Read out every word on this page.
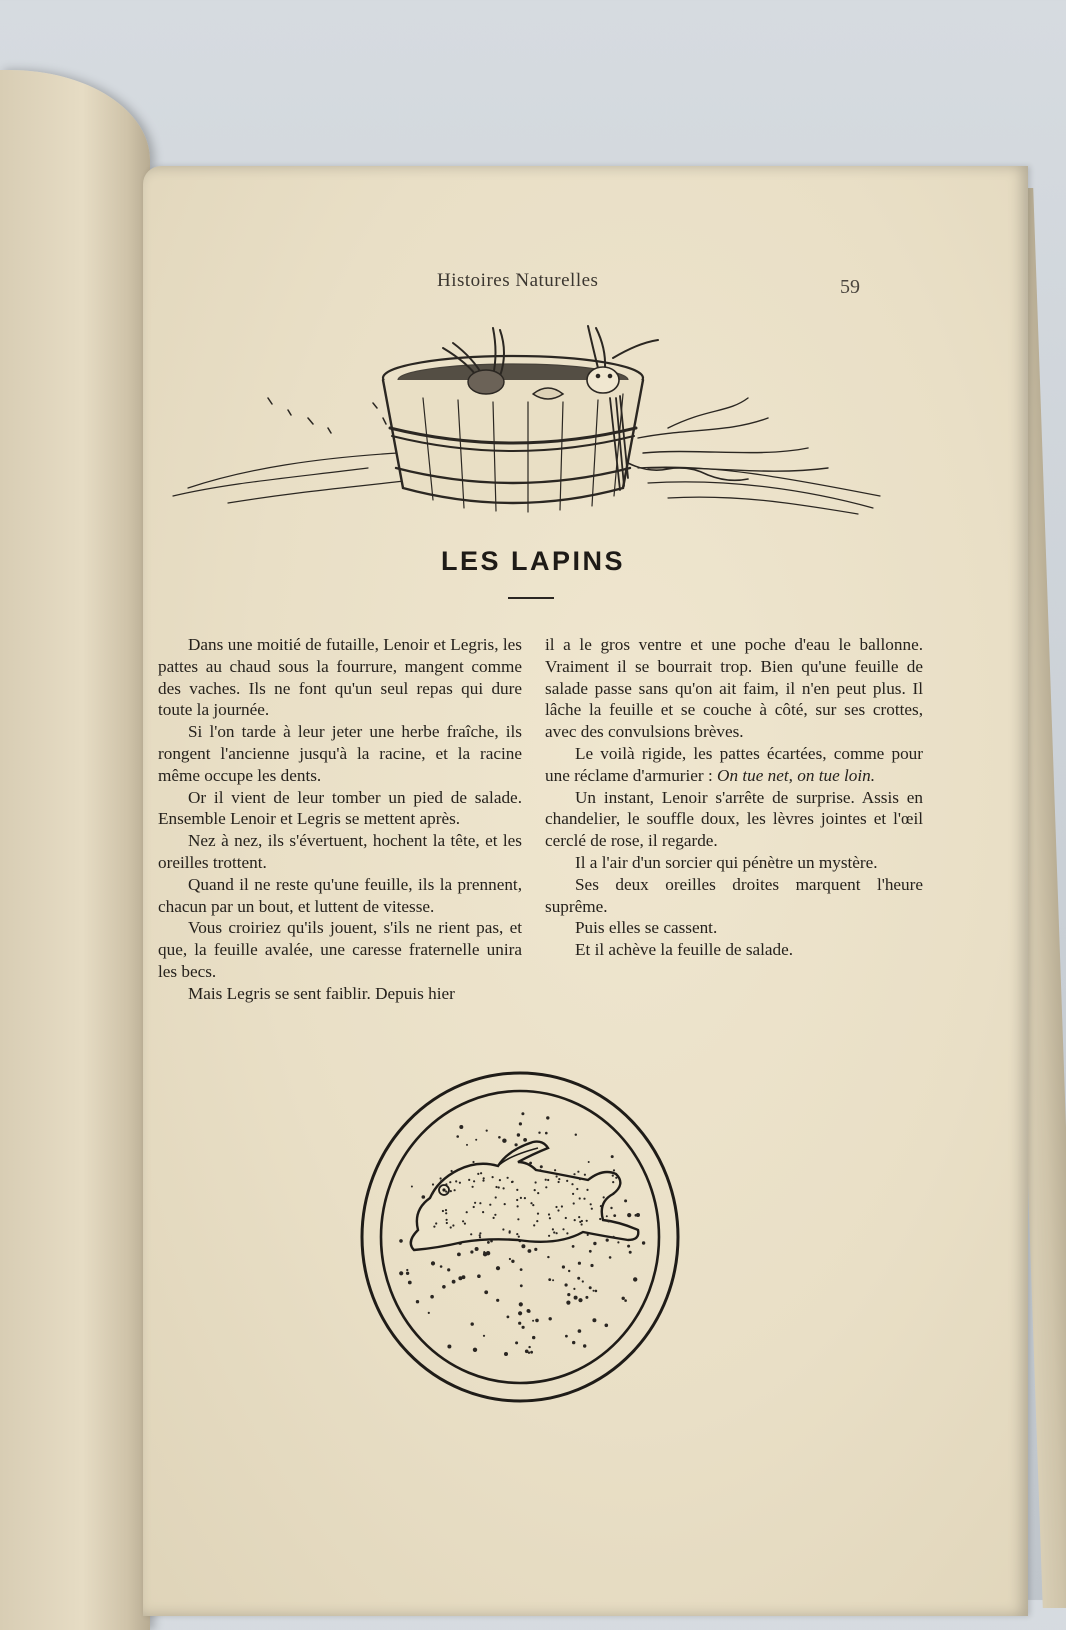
Histoires Naturelles	59
LES LAPINS

Dans une moitié de futaille, Lenoir et Legris, les pattes au chaud sous la fourrure, mangent comme des vaches. Ils ne font qu'un seul repas qui dure toute la journée.

Si l'on tarde à leur jeter une herbe fraîche, ils rongent l'ancienne jusqu'à la racine, et la racine même occupe les dents.

Or il vient de leur tomber un pied de salade. Ensemble Lenoir et Legris se mettent après.

Nez à nez, ils s'évertuent, hochent la tête, et les oreilles trottent.

Quand il ne reste qu'une feuille, ils la prennent, chacun par un bout, et luttent de vitesse.

Vous croiriez qu'ils jouent, s'ils ne rient pas, et que, la feuille avalée, une caresse fraternelle unira les becs.

Mais Legris se sent faiblir. Depuis hier

il a le gros ventre et une poche d'eau le ballonne. Vraiment il se bourrait trop. Bien qu'une feuille de salade passe sans qu'on ait faim, il n'en peut plus. Il lâche la feuille et se couche à côté, sur ses crottes, avec des convulsions brèves.

Le voilà rigide, les pattes écartées, comme pour une réclame d'armurier : On tue net, on tue loin.

Un instant, Lenoir s'arrête de surprise. Assis en chandelier, le souffle doux, les lèvres jointes et l'œil cerclé de rose, il regarde.

Il a l'air d'un sorcier qui pénètre un mystère.

Ses deux oreilles droites marquent l'heure suprême.

Puis elles se cassent.

Et il achève la feuille de salade.
